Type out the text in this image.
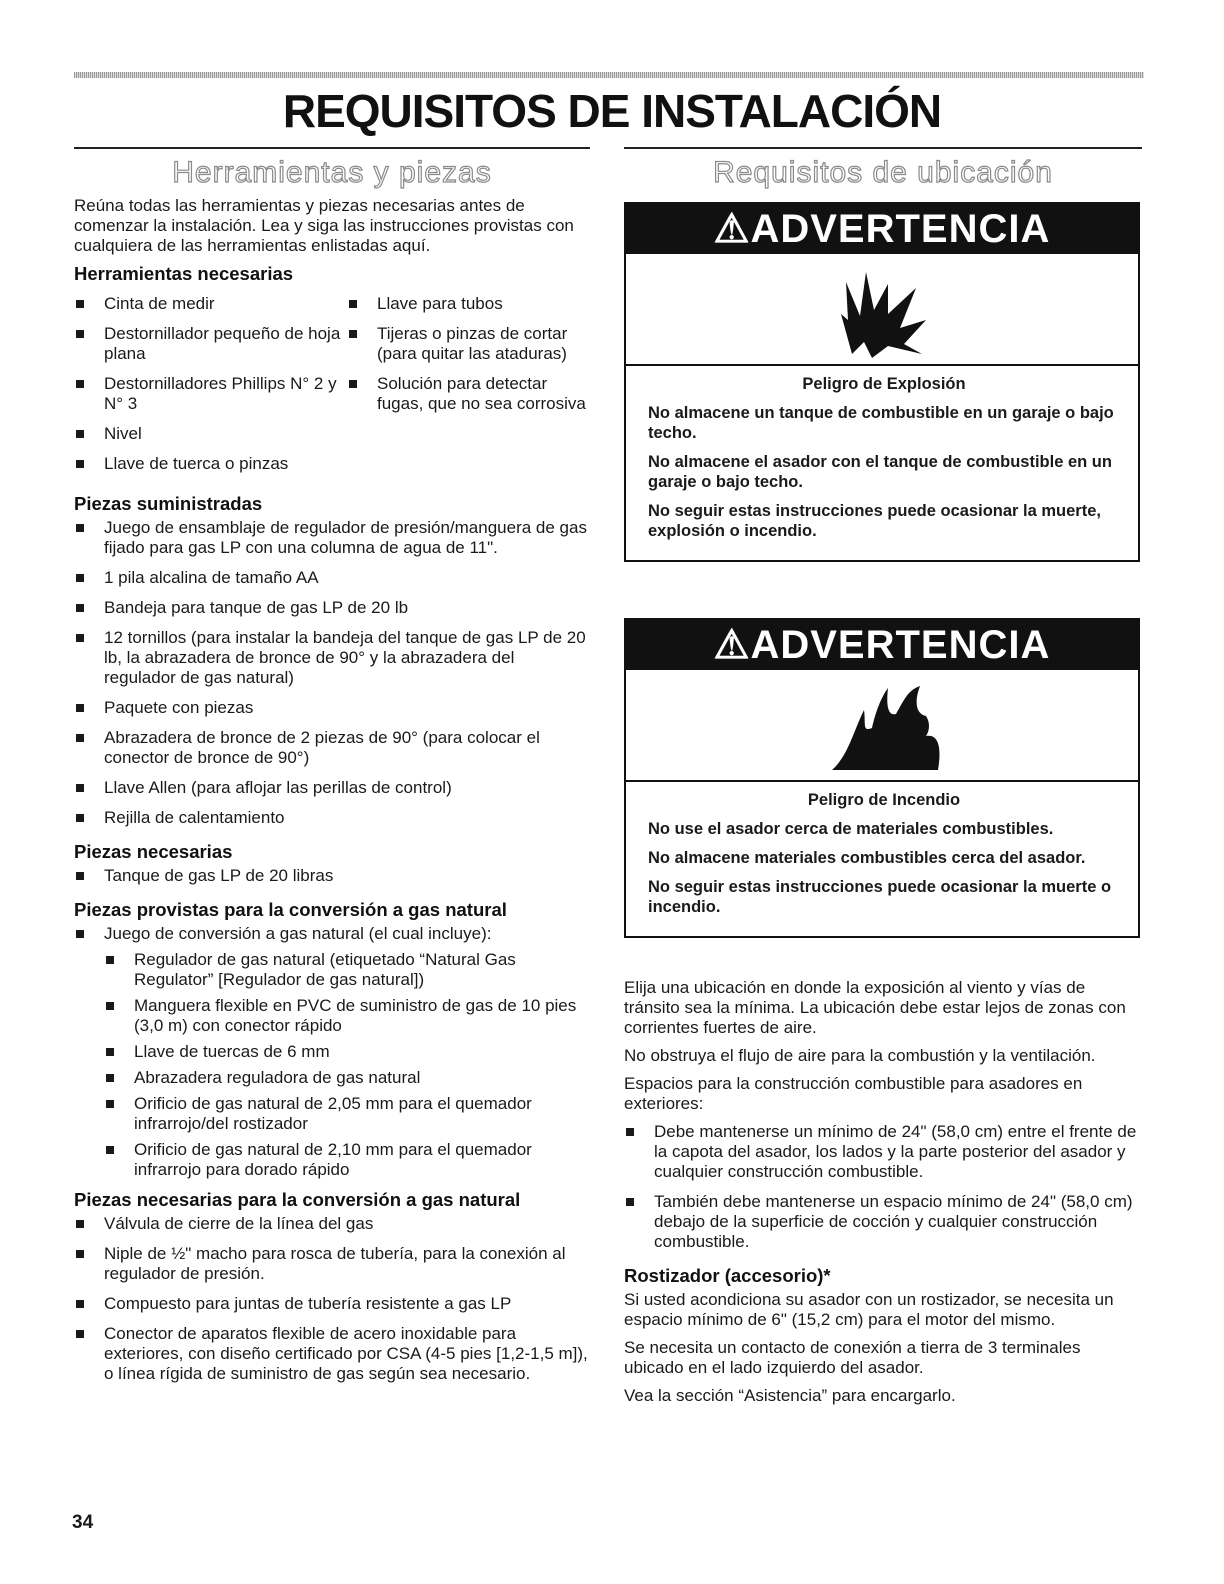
REQUISITOS DE INSTALACIÓN
Herramientas y piezas	Requisitos de ubicación

Reúna todas las herramientas y piezas necesarias antes de comenzar la instalación. Lea y siga las instrucciones provistas con cualquiera de las herramientas enlistadas aquí.

Herramientas necesarias
Cinta de medir
Destornillador pequeño de hoja plana
Destornilladores Phillips N° 2 y N° 3
Nivel
Llave de tuerca o pinzas
Llave para tubos
Tijeras o pinzas de cortar (para quitar las ataduras)
Solución para detectar fugas, que no sea corrosiva
Piezas suministradas
Juego de ensamblaje de regulador de presión/manguera de gas fijado para gas LP con una columna de agua de 11".
1 pila alcalina de tamaño AA
Bandeja para tanque de gas LP de 20 lb
12 tornillos (para instalar la bandeja del tanque de gas LP de 20 lb, la abrazadera de bronce de 90° y la abrazadera del regulador de gas natural)
Paquete con piezas
Abrazadera de bronce de 2 piezas de 90° (para colocar el conector de bronce de 90°)
Llave Allen (para aflojar las perillas de control)
Rejilla de calentamiento
Piezas necesarias
Tanque de gas LP de 20 libras
Piezas provistas para la conversión a gas natural
Juego de conversión a gas natural (el cual incluye):
Regulador de gas natural (etiquetado “Natural Gas Regulator” [Regulador de gas natural])
Manguera flexible en PVC de suministro de gas de 10 pies (3,0 m) con conector rápido
Llave de tuercas de 6 mm
Abrazadera reguladora de gas natural
Orificio de gas natural de 2,05 mm para el quemador infrarrojo/del rostizador
Orificio de gas natural de 2,10 mm para el quemador infrarrojo para dorado rápido
Piezas necesarias para la conversión a gas natural
Válvula de cierre de la línea del gas
Niple de ½" macho para rosca de tubería, para la conexión al regulador de presión.
Compuesto para juntas de tubería resistente a gas LP
Conector de aparatos flexible de acero inoxidable para exteriores, con diseño certificado por CSA (4-5 pies [1,2-1,5 m]), o línea rígida de suministro de gas según sea necesario.
⚠ADVERTENCIA

Peligro de Explosión

No almacene un tanque de combustible en un garaje o bajo techo.

No almacene el asador con el tanque de combustible en un garaje o bajo techo.

No seguir estas instrucciones puede ocasionar la muerte, explosión o incendio.

⚠ADVERTENCIA

Peligro de Incendio

No use el asador cerca de materiales combustibles.

No almacene materiales combustibles cerca del asador.

No seguir estas instrucciones puede ocasionar la muerte o incendio.

Elija una ubicación en donde la exposición al viento y vías de tránsito sea la mínima. La ubicación debe estar lejos de zonas con corrientes fuertes de aire.

No obstruya el flujo de aire para la combustión y la ventilación.

Espacios para la construcción combustible para asadores en exteriores:

Debe mantenerse un mínimo de 24" (58,0 cm) entre el frente de la capota del asador, los lados y la parte posterior del asador y cualquier construcción combustible.
También debe mantenerse un espacio mínimo de 24" (58,0 cm) debajo de la superficie de cocción y cualquier construcción combustible.
Rostizador (accesorio)*

Si usted acondiciona su asador con un rostizador, se necesita un espacio mínimo de 6" (15,2 cm) para el motor del mismo.

Se necesita un contacto de conexión a tierra de 3 terminales ubicado en el lado izquierdo del asador.

Vea la sección “Asistencia” para encargarlo.

34
